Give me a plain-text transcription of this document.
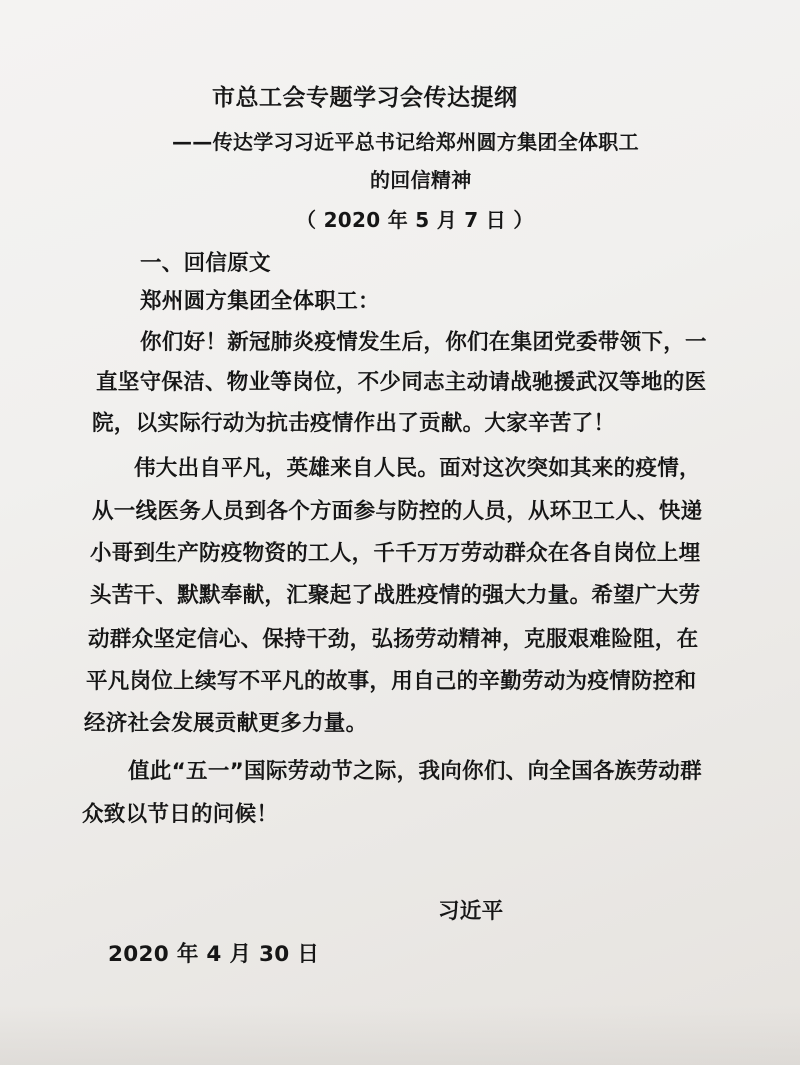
市总工会专题学习会传达提纲
——传达学习习近平总书记给郑州圆方集团全体职工
的回信精神
（ 2020 年 5 月 7 日 ）
一、回信原文
郑州圆方集团全体职工：
你们好！新冠肺炎疫情发生后，你们在集团党委带领下，一
直坚守保洁、物业等岗位，不少同志主动请战驰援武汉等地的医
院，以实际行动为抗击疫情作出了贡献。大家辛苦了！
伟大出自平凡，英雄来自人民。面对这次突如其来的疫情，
从一线医务人员到各个方面参与防控的人员，从环卫工人、快递
小哥到生产防疫物资的工人，千千万万劳动群众在各自岗位上埋
头苦干、默默奉献，汇聚起了战胜疫情的强大力量。希望广大劳
动群众坚定信心、保持干劲，弘扬劳动精神，克服艰难险阻，在
平凡岗位上续写不平凡的故事，用自己的辛勤劳动为疫情防控和
经济社会发展贡献更多力量。
值此“五一”国际劳动节之际，我向你们、向全国各族劳动群
众致以节日的问候！
习近平
2020 年 4 月 30 日
